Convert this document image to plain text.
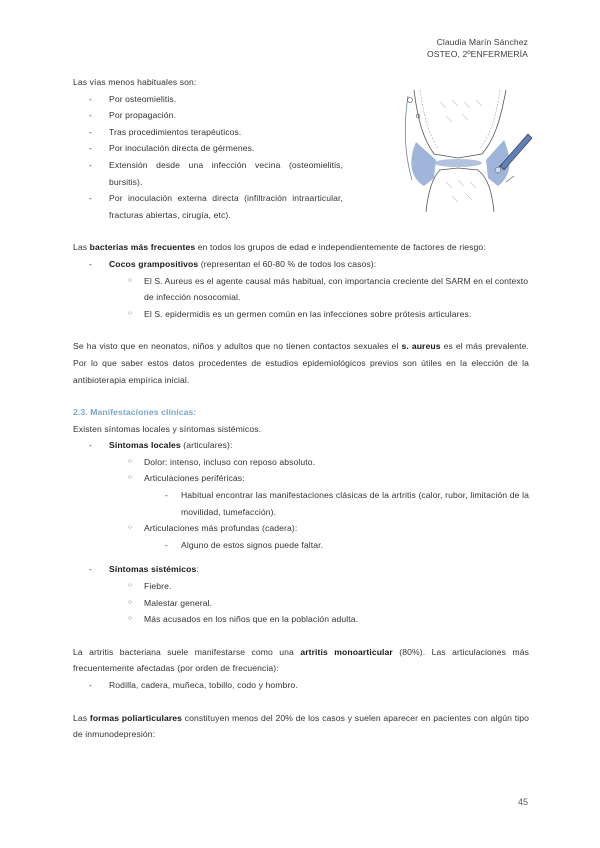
Claudia Marín Sánchez
OSTEO, 2ºENFERMERÍA

Las vías menos habituales son:

- Por osteomielitis.
- Por propagación.
- Tras procedimientos terapéuticos.
- Por inoculación directa de gérmenes.
- Extensión desde una infección vecina (osteomielitis, bursitis).
- Por inoculación externa directa (infiltración intraarticular, fracturas abiertas, cirugía, etc).

Las bacterias más frecuentes en todos los grupos de edad e independientemente de factores de riesgo:

- Cocos grampositivos (representan el 60-80 % de todos los casos):
○ El S. Aureus es el agente causal más habitual, con importancia creciente del SARM en el contexto de infección nosocomial.
○ El S. epidermidis es un germen común en las infecciones sobre prótesis articulares.

Se ha visto que en neonatos, niños y adultos que no tienen contactos sexuales el s. aureus es el más prevalente. Por lo que saber estos datos procedentes de estudios epidemiológicos previos son útiles en la elección de la antibioterapia empírica inicial.

2.3. Manifestaciones clínicas:

Existen síntomas locales y síntomas sistémicos.

- Síntomas locales (articulares):
○ Dolor: intenso, incluso con reposo absoluto.
○ Articulaciones periféricas:
- Habitual encontrar las manifestaciones clásicas de la artritis (calor, rubor, limitación de la movilidad, tumefacción).
○ Articulaciones más profundas (cadera):
- Alguno de estos signos puede faltar.
- Síntomas sistémicos:
○ Fiebre.
○ Malestar general.
○ Más acusados en los niños que en la población adulta.

La artritis bacteriana suele manifestarse como una artritis monoarticular (80%). Las articulaciones más frecuentemente afectadas (por orden de frecuencia):

- Rodilla, cadera, muñeca, tobillo, codo y hombro.

Las formas poliarticulares constituyen menos del 20% de los casos y suelen aparecer en pacientes con algún tipo de inmunodepresión:

45
